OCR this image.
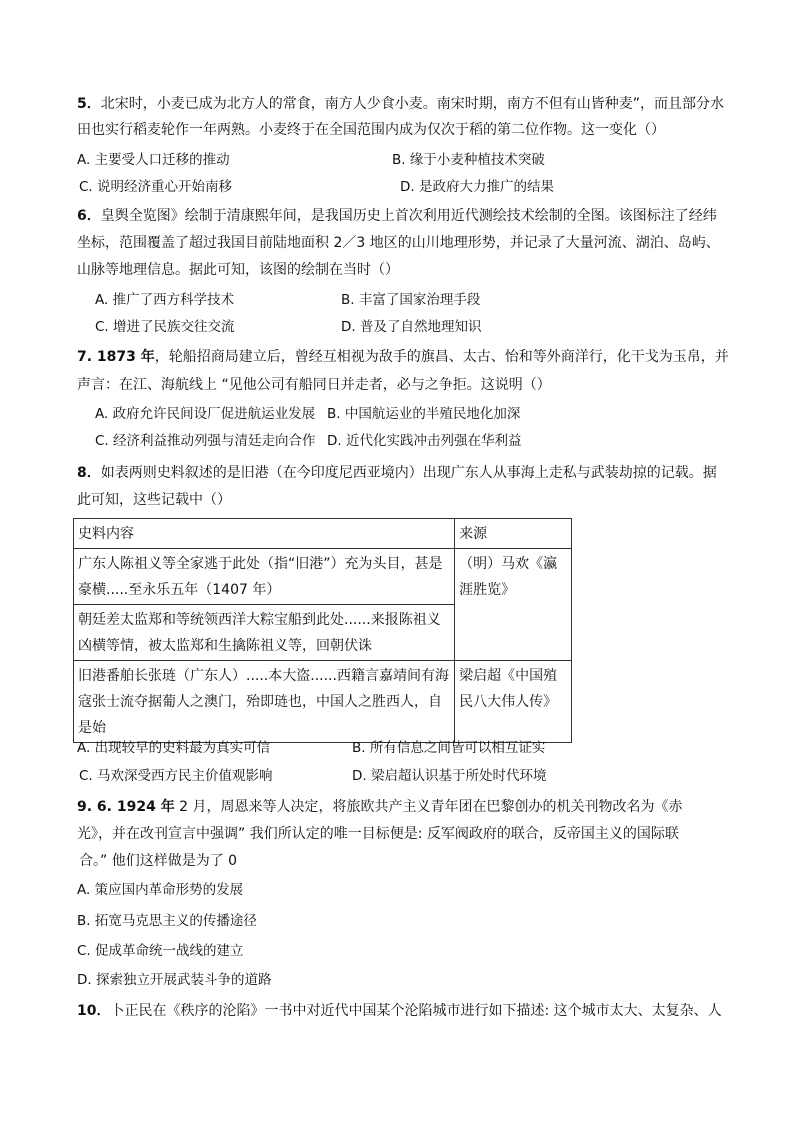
5．北宋时，小麦已成为北方人的常食，南方人少食小麦。南宋时期，南方不但有山皆种麦”，而且部分水
田也实行稻麦轮作一年两熟。小麦终于在全国范围内成为仅次于稻的第二位作物。这一变化（）
A. 主要受人口迁移的推动	B. 缘于小麦种植技术突破
C. 说明经济重心开始南移	D. 是政府大力推广的结果
6．皇舆全览图》绘制于清康熙年间，是我国历史上首次利用近代测绘技术绘制的全图。该图标注了经纬
坐标，范围覆盖了超过我国目前陆地面积 2／3 地区的山川地理形势，并记录了大量河流、湖泊、岛屿、
山脉等地理信息。据此可知，该图的绘制在当时（）
A. 推广了西方科学技术	B. 丰富了国家治理手段
C. 增进了民族交往交流	D. 普及了自然地理知识
7. 1873 年，轮船招商局建立后，曾经互相视为敌手的旗昌、太古、怡和等外商洋行，化干戈为玉帛，并
声言：在江、海航线上 “见他公司有船同日并走者，必与之争拒。这说明（）
A. 政府允许民间设厂促进航运业发展 B. 中国航运业的半殖民地化加深
C. 经济利益推动列强与清廷走向合作 D. 近代化实践冲击列强在华利益
8．如表两则史料叙述的是旧港（在今印度尼西亚境内）出现广东人从事海上走私与武装劫掠的记载。据
此可知，这些记载中（）
史料内容	来源
广东人陈祖义等全家逃于此处（指“旧港”）充为头目，甚是豪横.....至永乐五年（1407 年）	（明）马欢《瀛涯胜览》
朝廷差太监郑和等统领西洋大粽宝船到此处......来报陈祖义凶横等情，被太监郑和生擒陈祖义等，回朝伏诛	
旧港番舶长张琏（广东人）.....本大盗......西籍言嘉靖间有海寇张士流夺据葡人之澳门，殆即琏也，中国人之胜西人，自是始	梁启超《中国殖民八大伟人传》
A. 出现较早的史料最为真实可信	B. 所有信息之间皆可以相互证实
C. 马欢深受西方民主价值观影响	D. 梁启超认识基于所处时代环境
9. 6. 1924 年 2 月，周恩来等人决定，将旅欧共产主义青年团在巴黎创办的机关刊物改名为《赤
光》，并在改刊宣言中强调” 我们所认定的唯一目标便是: 反军阀政府的联合，反帝国主义的国际联
合。” 他们这样做是为了 0
A. 策应国内革命形势的发展
B. 拓宽马克思主义的传播途径
C. 促成革命统一战线的建立
D. 探索独立开展武装斗争的道路
10．卜正民在《秩序的沦陷》一书中对近代中国某个沦陷城市进行如下描述: 这个城市太大、太复杂、人
